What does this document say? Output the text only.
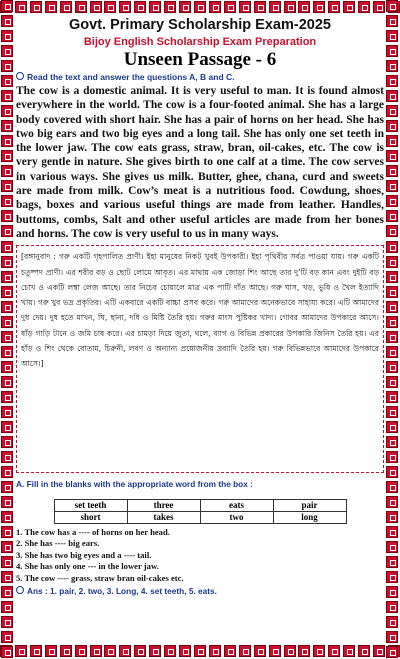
Govt. Primary Scholarship Exam-2025

Bijoy English Scholarship Exam Preparation

Unseen Passage - 6

Read the text and answer the questions A, B and C.

The cow is a domestic animal. It is very useful to man. It is found almost everywhere in the world. The cow is a four-footed animal. She has a large body covered with short hair. She has a pair of horns on her head. She has two big ears and two big eyes and a long tail. She has only one set teeth in the lower jaw. The cow eats grass, straw, bran, oil-cakes, etc. The cow is very gentle in nature. She gives birth to one calf at a time. The cow serves in various ways. She gives us milk. Butter, ghee, chana, curd and sweets are made from milk. Cow’s meat is a nutritious food. Cowdung, shoes, bags, boxes and various useful things are made from leather. Handles, buttoms, combs, Salt and other useful articles are made from her bones and horns. The cow is very useful to us in many ways.

[বঙ্গানুবাদ : গরু একটি গৃহপালিত প্রাণী। ইহা মানুষের নিকট খুবই উপকারী। ইহা পৃথিবীর সর্বত্র পাওয়া যায়। গরু একটি চতুষ্পদ প্রাণী। এর শরীর বড় ও ছোট লোমে আবৃত। এর মাথায় এক জোড়া শিং আছে তার দু’টি বড় কান এবং দুইটি বড় চোখ ও একটি লম্বা লেজ আছে। তার নিচের চোয়ালে মাত্র এক পাটি দাঁত আছে। গরু ঘাস, খড়, ভুষি ও খৈল ইত্যাদি খায়। গরু খুব ভদ্র প্রকৃতির। এটি একবারে একটি বাচ্চা প্রসব করে। গরু আমাদের অনেকভাবে সাহায্য করে। এটি আমাদের দুধ দেয়। দুধ হতে মাখন, ঘি, ছানা, দধি ও মিষ্টি তৈরি হয়। গরুর মাংস পুষ্টিকর খাদ্য। গোবর আমাদের উপকারে আসে। ষাঁড় গাড়ি টানে ও জমি চাষ করে। এর চামড়া দিয়ে জুতা, থলে, ব্যাগ ও বিভিন্ন প্রকারের উপকারি জিনিস তৈরি হয়। এর হাঁড় ও শিং থেকে বোতাম, চিরুনী, লবণ ও অন্যান্য প্রয়োজনীয় দ্রব্যাদি তৈরি হয়। গরু বিভিন্নভাবে আমাদের উপকারে আসে।]

A. Fill in the blanks with the appropriate word from the box :

set teeth	three	eats	pair
short	takes	two	long

1. The cow has a ---- of horns on her head.

2. She has ---- big ears.

3. She has two big eyes and a ---- tail.

4. She has only one --- in the lower jaw.

5. The cow ---- grass, straw bran oil-cakes etc.

Ans : 1. pair, 2. two, 3. Long, 4. set teeth, 5. eats.
